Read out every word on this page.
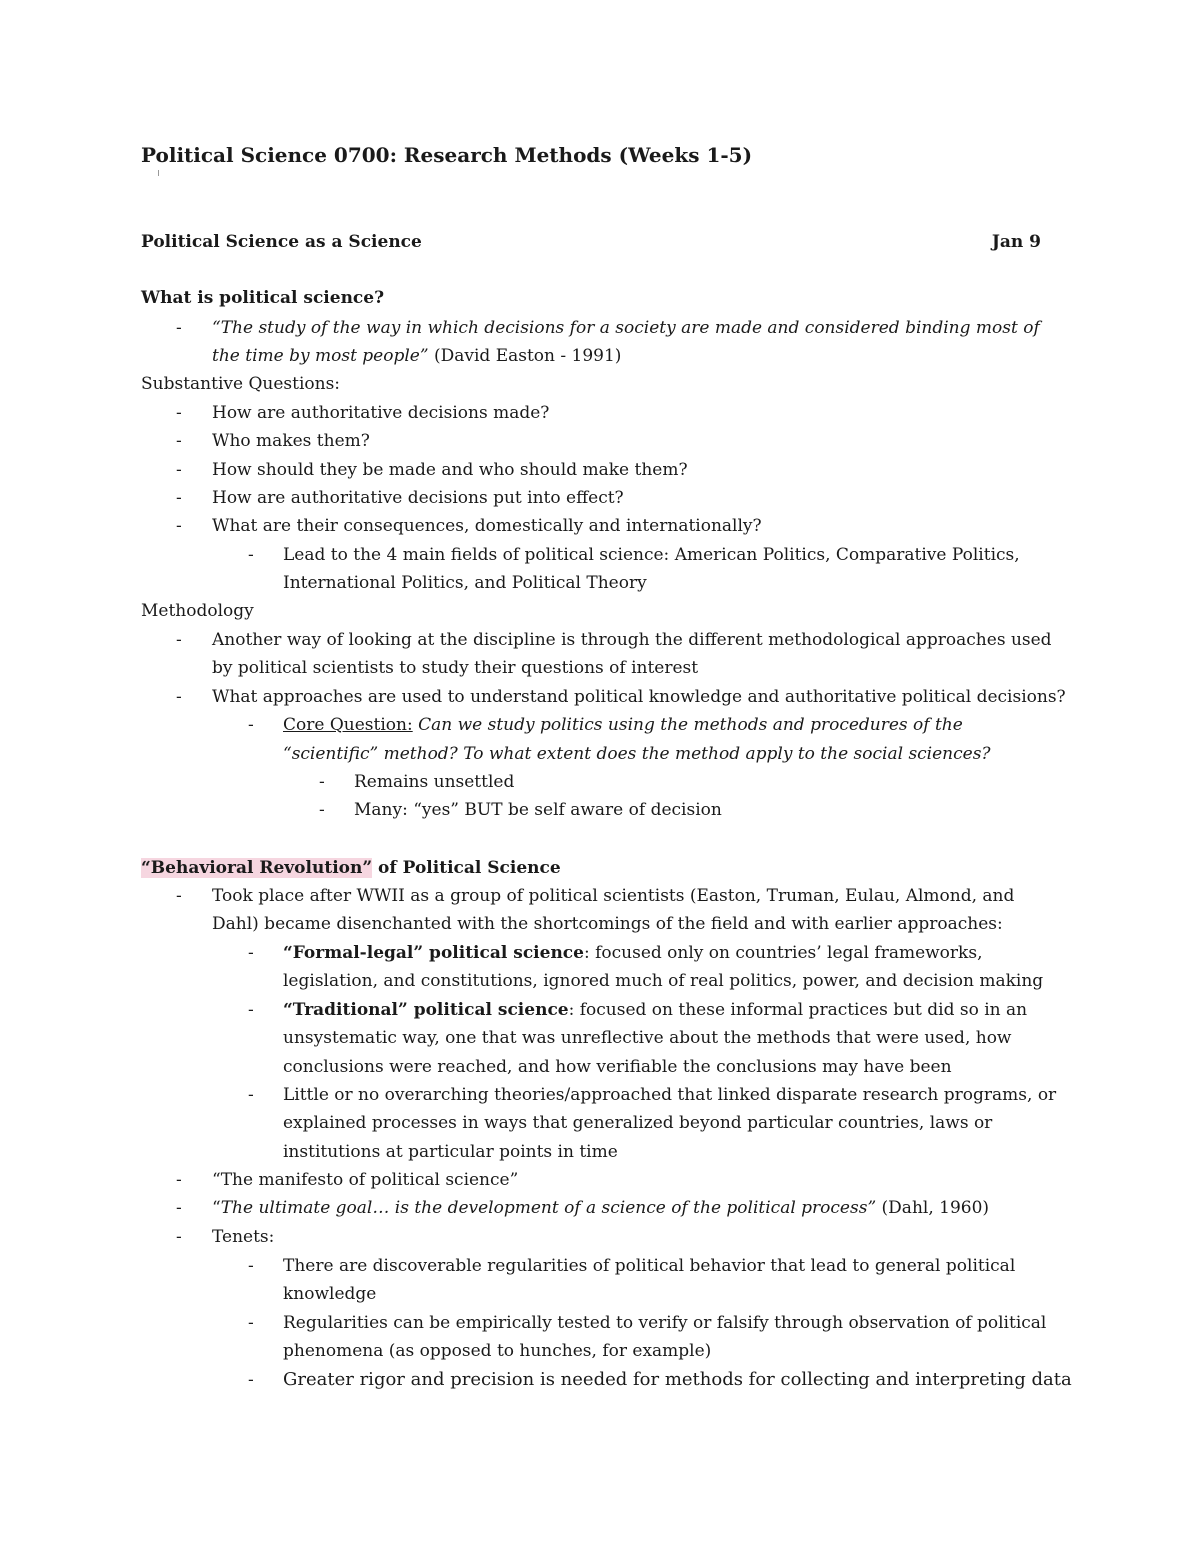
Political Science 0700: Research Methods (Weeks 1-5)
Political Science as a Science	Jan 9
What is political science?
- “The study of the way in which decisions for a society are made and considered binding most of
the time by most people” (David Easton - 1991)
Substantive Questions:
- How are authoritative decisions made?
- Who makes them?
- How should they be made and who should make them?
- How are authoritative decisions put into effect?
- What are their consequences, domestically and internationally?
- Lead to the 4 main fields of political science: American Politics, Comparative Politics,
International Politics, and Political Theory
Methodology
- Another way of looking at the discipline is through the different methodological approaches used
by political scientists to study their questions of interest
- What approaches are used to understand political knowledge and authoritative political decisions?
- Core Question: Can we study politics using the methods and procedures of the
“scientific” method? To what extent does the method apply to the social sciences?
- Remains unsettled
- Many: “yes” BUT be self aware of decision
“Behavioral Revolution” of Political Science
- Took place after WWII as a group of political scientists (Easton, Truman, Eulau, Almond, and
Dahl) became disenchanted with the shortcomings of the field and with earlier approaches:
- “Formal-legal” political science: focused only on countries’ legal frameworks,
legislation, and constitutions, ignored much of real politics, power, and decision making
- “Traditional” political science: focused on these informal practices but did so in an
unsystematic way, one that was unreflective about the methods that were used, how
conclusions were reached, and how verifiable the conclusions may have been
- Little or no overarching theories/approached that linked disparate research programs, or
explained processes in ways that generalized beyond particular countries, laws or
institutions at particular points in time
- “The manifesto of political science”
- “The ultimate goal… is the development of a science of the political process” (Dahl, 1960)
- Tenets:
- There are discoverable regularities of political behavior that lead to general political
knowledge
- Regularities can be empirically tested to verify or falsify through observation of political
phenomena (as opposed to hunches, for example)
- Greater rigor and precision is needed for methods for collecting and interpreting data
